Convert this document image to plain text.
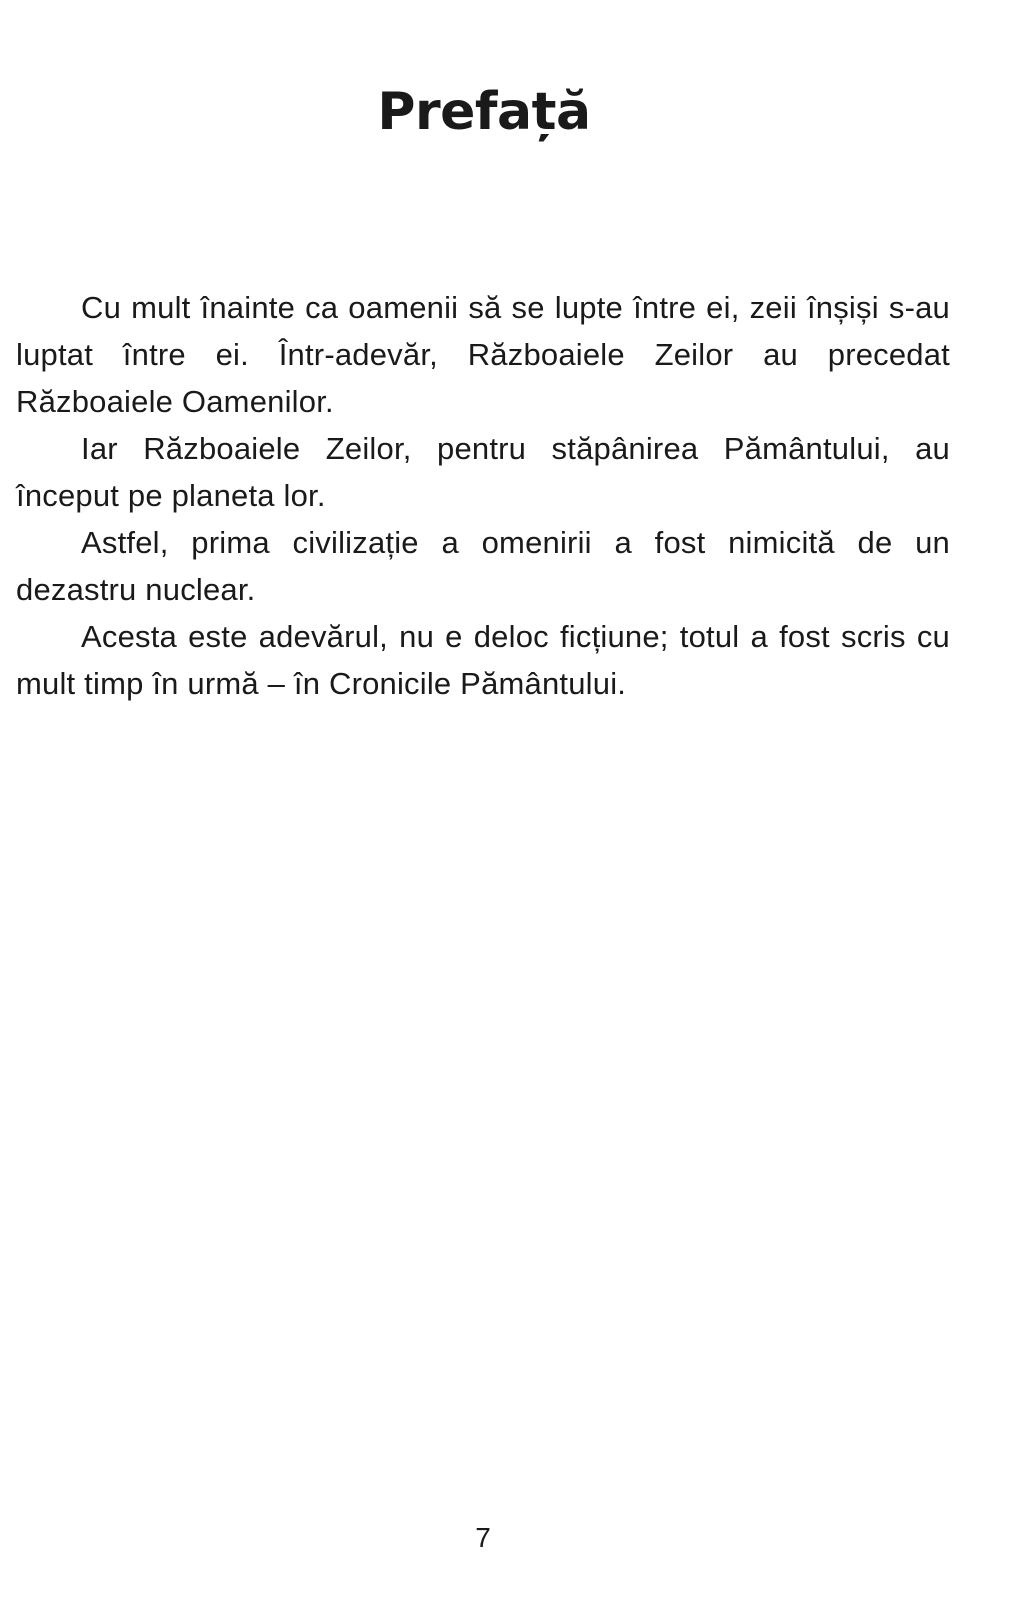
Prefață

Cu mult înainte ca oamenii să se lupte între ei, zeii înșiși s-au luptat între ei. Într-adevăr, Războaiele Zeilor au precedat Războaiele Oamenilor.

Iar Războaiele Zeilor, pentru stăpânirea Pământului, au început pe planeta lor.

Astfel, prima civilizație a omenirii a fost nimicită de un dezastru nuclear.

Acesta este adevărul, nu e deloc ficțiune; totul a fost scris cu mult timp în urmă – în Cronicile Pământului.

7
